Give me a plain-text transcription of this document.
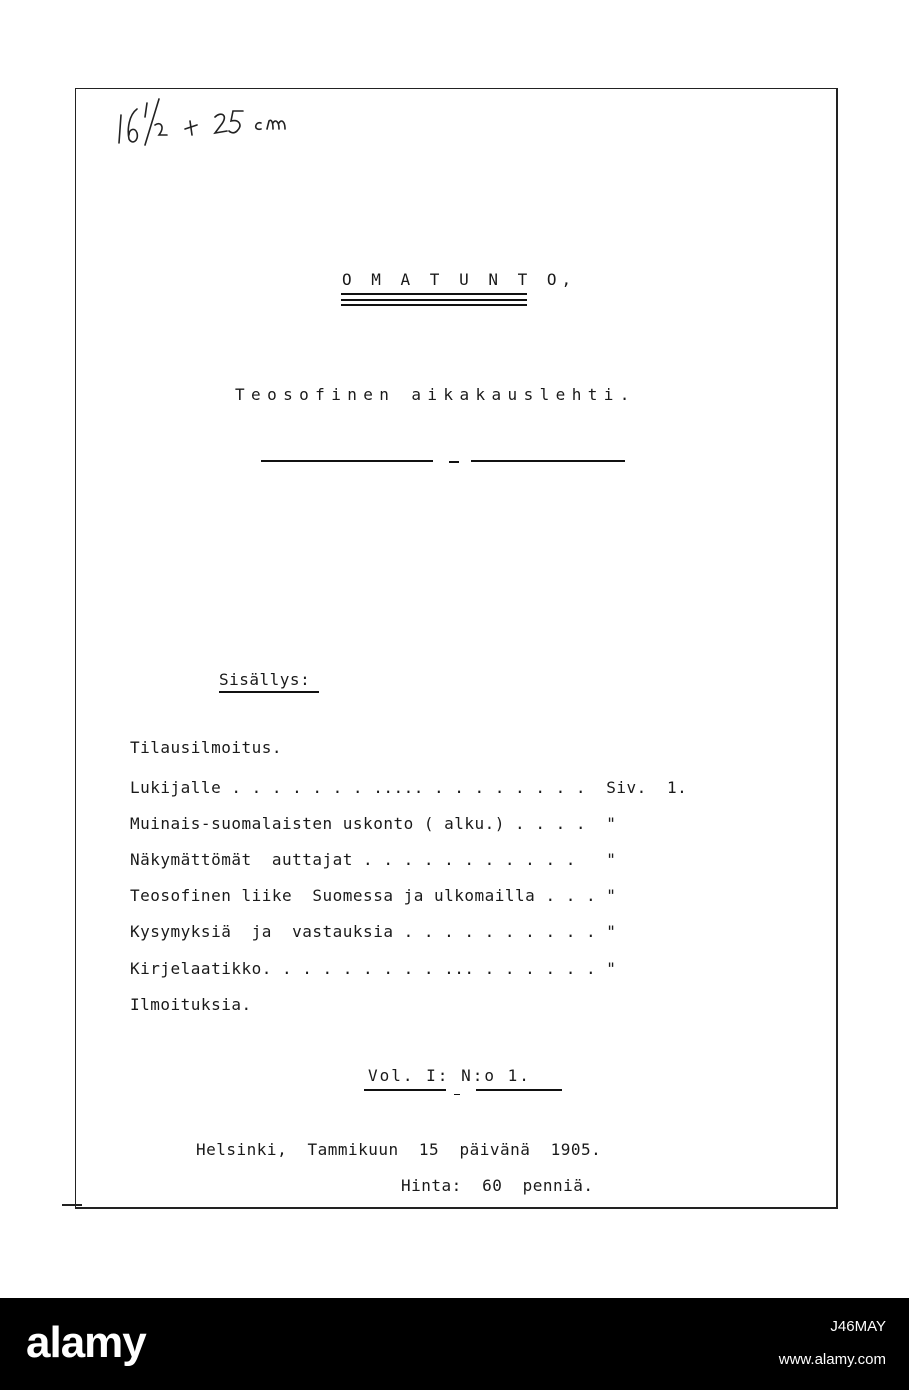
O M A T U N T O,
Teosofinen aikakauslehti.
Sisällys:
Tilausilmoitus.
Lukijalle . . . . . . . ..... . . . . . . . .  Siv.  1.
Muinais-suomalaisten uskonto ( alku.) . . . .  "
Näkymättömät  auttajat . . . . . . . . . . .   "
Teosofinen liike  Suomessa ja ulkomailla . . . "
Kysymyksiä  ja  vastauksia . . . . . . . . . . "
Kirjelaatikko. . . . . . . . . ... . . . . . . "
Ilmoituksia.
Vol. I: N:o 1.
Helsinki,  Tammikuun  15  päivänä  1905.
Hinta:  60  penniä.
alamy	J46MAY
www.alamy.com
